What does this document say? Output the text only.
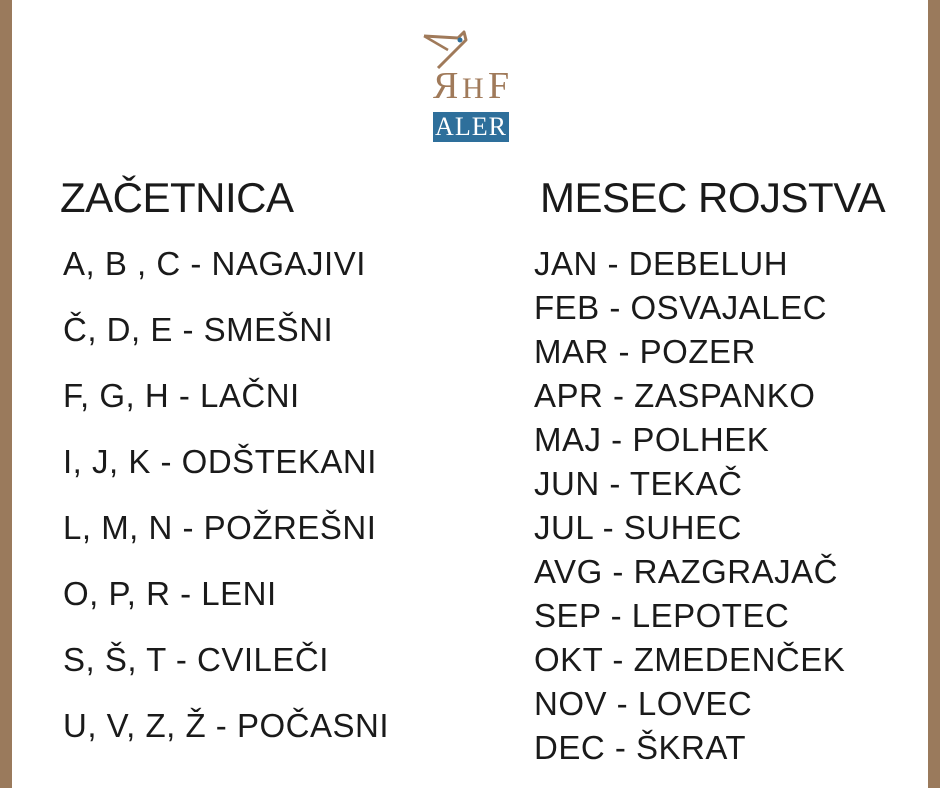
Я H F
ALER
ZAČETNICA	MESEC ROJSTVA
A, B , C - NAGAJIVI
Č, D, E - SMEŠNI
F, G, H - LAČNI
I, J, K - ODŠTEKANI
L, M, N - POŽREŠNI
O, P, R - LENI
S, Š, T - CVILEČI
U, V, Z, Ž - POČASNI
JAN - DEBELUH
FEB - OSVAJALEC
MAR - POZER
APR - ZASPANKO
MAJ - POLHEK
JUN - TEKAČ
JUL - SUHEC
AVG - RAZGRAJAČ
SEP - LEPOTEC
OKT - ZMEDENČEK
NOV - LOVEC
DEC - ŠKRAT
